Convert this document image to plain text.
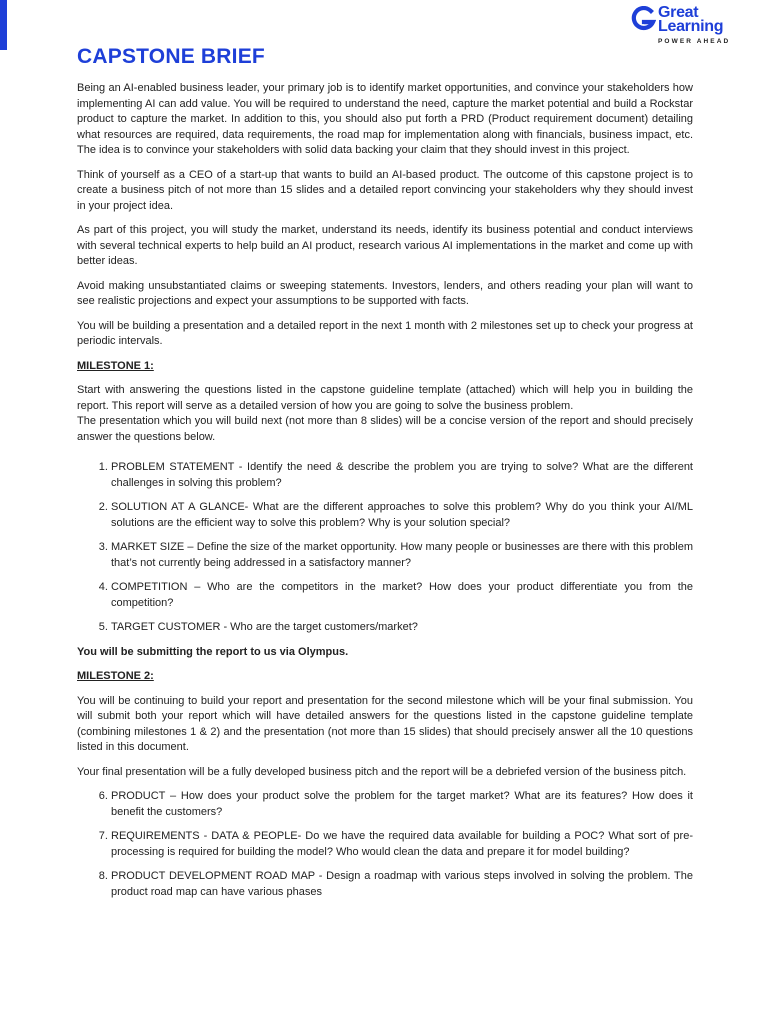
Great
Learning
POWER AHEAD
CAPSTONE BRIEF

Being an AI-enabled business leader, your primary job is to identify market opportunities, and convince your stakeholders how implementing AI can add value. You will be required to understand the need, capture the market potential and build a Rockstar product to capture the market. In addition to this, you should also put forth a PRD (Product requirement document) detailing what resources are required, data requirements, the road map for implementation along with financials, business impact, etc. The idea is to convince your stakeholders with solid data backing your claim that they should invest in this project.

Think of yourself as a CEO of a start-up that wants to build an AI-based product. The outcome of this capstone project is to create a business pitch of not more than 15 slides and a detailed report convincing your stakeholders why they should invest in your project idea.

As part of this project, you will study the market, understand its needs, identify its business potential and conduct interviews with several technical experts to help build an AI product, research various AI implementations in the market and come up with better ideas.

Avoid making unsubstantiated claims or sweeping statements. Investors, lenders, and others reading your plan will want to see realistic projections and expect your assumptions to be supported with facts.

You will be building a presentation and a detailed report in the next 1 month with 2 milestones set up to check your progress at periodic intervals.

MILESTONE 1:

Start with answering the questions listed in the capstone guideline template (attached) which will help you in building the report. This report will serve as a detailed version of how you are going to solve the business problem.

The presentation which you will build next (not more than 8 slides) will be a concise version of the report and should precisely answer the questions below.

1. PROBLEM STATEMENT - Identify the need & describe the problem you are trying to solve? What are the different challenges in solving this problem?
2. SOLUTION AT A GLANCE- What are the different approaches to solve this problem? Why do you think your AI/ML solutions are the efficient way to solve this problem? Why is your solution special?
3. MARKET SIZE – Define the size of the market opportunity. How many people or businesses are there with this problem that’s not currently being addressed in a satisfactory manner?
4. COMPETITION – Who are the competitors in the market? How does your product differentiate you from the competition?
5. TARGET CUSTOMER - Who are the target customers/market?

You will be submitting the report to us via Olympus.

MILESTONE 2:

You will be continuing to build your report and presentation for the second milestone which will be your final submission. You will submit both your report which will have detailed answers for the questions listed in the capstone guideline template (combining milestones 1 & 2) and the presentation (not more than 15 slides) that should precisely answer all the 10 questions listed in this document.

Your final presentation will be a fully developed business pitch and the report will be a debriefed version of the business pitch.

6. PRODUCT – How does your product solve the problem for the target market? What are its features? How does it benefit the customers?
7. REQUIREMENTS - DATA & PEOPLE- Do we have the required data available for building a POC? What sort of pre-processing is required for building the model? Who would clean the data and prepare it for model building?
8. PRODUCT DEVELOPMENT ROAD MAP - Design a roadmap with various steps involved in solving the problem. The product road map can have various phases
